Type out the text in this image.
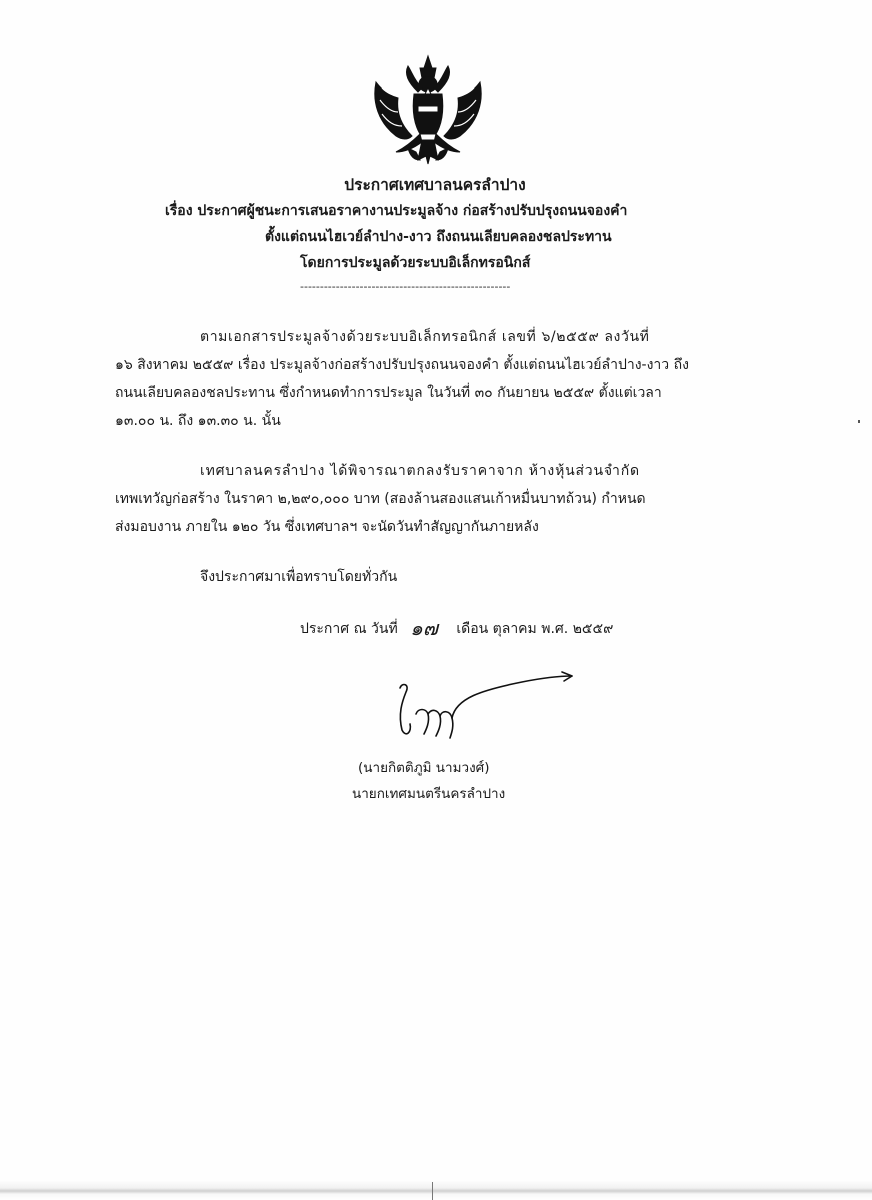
ประกาศเทศบาลนครลำปาง
เรื่อง ประกาศผู้ชนะการเสนอราคางานประมูลจ้าง ก่อสร้างปรับปรุงถนนจองคำ
ตั้งแต่ถนนไฮเวย์ลำปาง-งาว ถึงถนนเลียบคลองชลประทาน
โดยการประมูลด้วยระบบอิเล็กทรอนิกส์
-----------------------------------------------------
ตามเอกสารประมูลจ้างด้วยระบบอิเล็กทรอนิกส์ เลขที่ ๖/๒๕๕๙ ลงวันที่
๑๖ สิงหาคม ๒๕๕๙ เรื่อง ประมูลจ้างก่อสร้างปรับปรุงถนนจองคำ ตั้งแต่ถนนไฮเวย์ลำปาง-งาว ถึง
ถนนเลียบคลองชลประทาน ซึ่งกำหนดทำการประมูล ในวันที่ ๓๐ กันยายน ๒๕๕๙ ตั้งแต่เวลา
๑๓.๐๐ น. ถึง ๑๓.๓๐ น. นั้น
เทศบาลนครลำปาง ได้พิจารณาตกลงรับราคาจาก ห้างหุ้นส่วนจำกัด
เทพเทวัญก่อสร้าง ในราคา ๒,๒๙๐,๐๐๐ บาท (สองล้านสองแสนเก้าหมื่นบาทถ้วน) กำหนด
ส่งมอบงาน ภายใน ๑๒๐ วัน ซึ่งเทศบาลฯ จะนัดวันทำสัญญากันภายหลัง
จึงประกาศมาเพื่อทราบโดยทั่วกัน
ประกาศ ณ วันที่ ๑๗ เดือน ตุลาคม พ.ศ. ๒๕๕๙
(นายกิตติภูมิ นามวงศ์)
นายกเทศมนตรีนครลำปาง
